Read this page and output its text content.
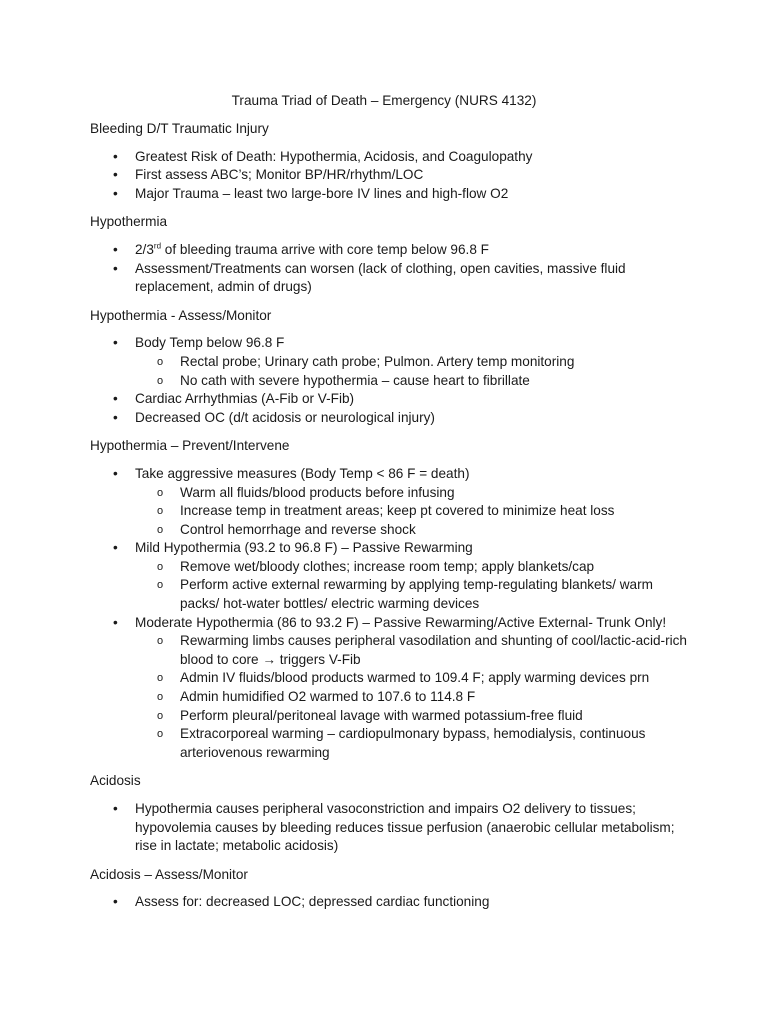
Trauma Triad of Death – Emergency (NURS 4132)
Bleeding D/T Traumatic Injury
• Greatest Risk of Death: Hypothermia, Acidosis, and Coagulopathy
• First assess ABC’s; Monitor BP/HR/rhythm/LOC
• Major Trauma – least two large-bore IV lines and high-flow O2
Hypothermia
• 2/3rd of bleeding trauma arrive with core temp below 96.8 F
• Assessment/Treatments can worsen (lack of clothing, open cavities, massive fluid replacement, admin of drugs)
Hypothermia - Assess/Monitor
• Body Temp below 96.8 F
o Rectal probe; Urinary cath probe; Pulmon. Artery temp monitoring
o No cath with severe hypothermia – cause heart to fibrillate
• Cardiac Arrhythmias (A-Fib or V-Fib)
• Decreased OC (d/t acidosis or neurological injury)
Hypothermia – Prevent/Intervene
• Take aggressive measures (Body Temp < 86 F = death)
o Warm all fluids/blood products before infusing
o Increase temp in treatment areas; keep pt covered to minimize heat loss
o Control hemorrhage and reverse shock
• Mild Hypothermia (93.2 to 96.8 F) – Passive Rewarming
o Remove wet/bloody clothes; increase room temp; apply blankets/cap
o Perform active external rewarming by applying temp-regulating blankets/ warm packs/ hot-water bottles/ electric warming devices
• Moderate Hypothermia (86 to 93.2 F) – Passive Rewarming/Active External- Trunk Only!
o Rewarming limbs causes peripheral vasodilation and shunting of cool/lactic-acid-rich blood to core → triggers V-Fib
o Admin IV fluids/blood products warmed to 109.4 F; apply warming devices prn
o Admin humidified O2 warmed to 107.6 to 114.8 F
o Perform pleural/peritoneal lavage with warmed potassium-free fluid
o Extracorporeal warming – cardiopulmonary bypass, hemodialysis, continuous arteriovenous rewarming
Acidosis
• Hypothermia causes peripheral vasoconstriction and impairs O2 delivery to tissues; hypovolemia causes by bleeding reduces tissue perfusion (anaerobic cellular metabolism; rise in lactate; metabolic acidosis)
Acidosis – Assess/Monitor
• Assess for: decreased LOC; depressed cardiac functioning
